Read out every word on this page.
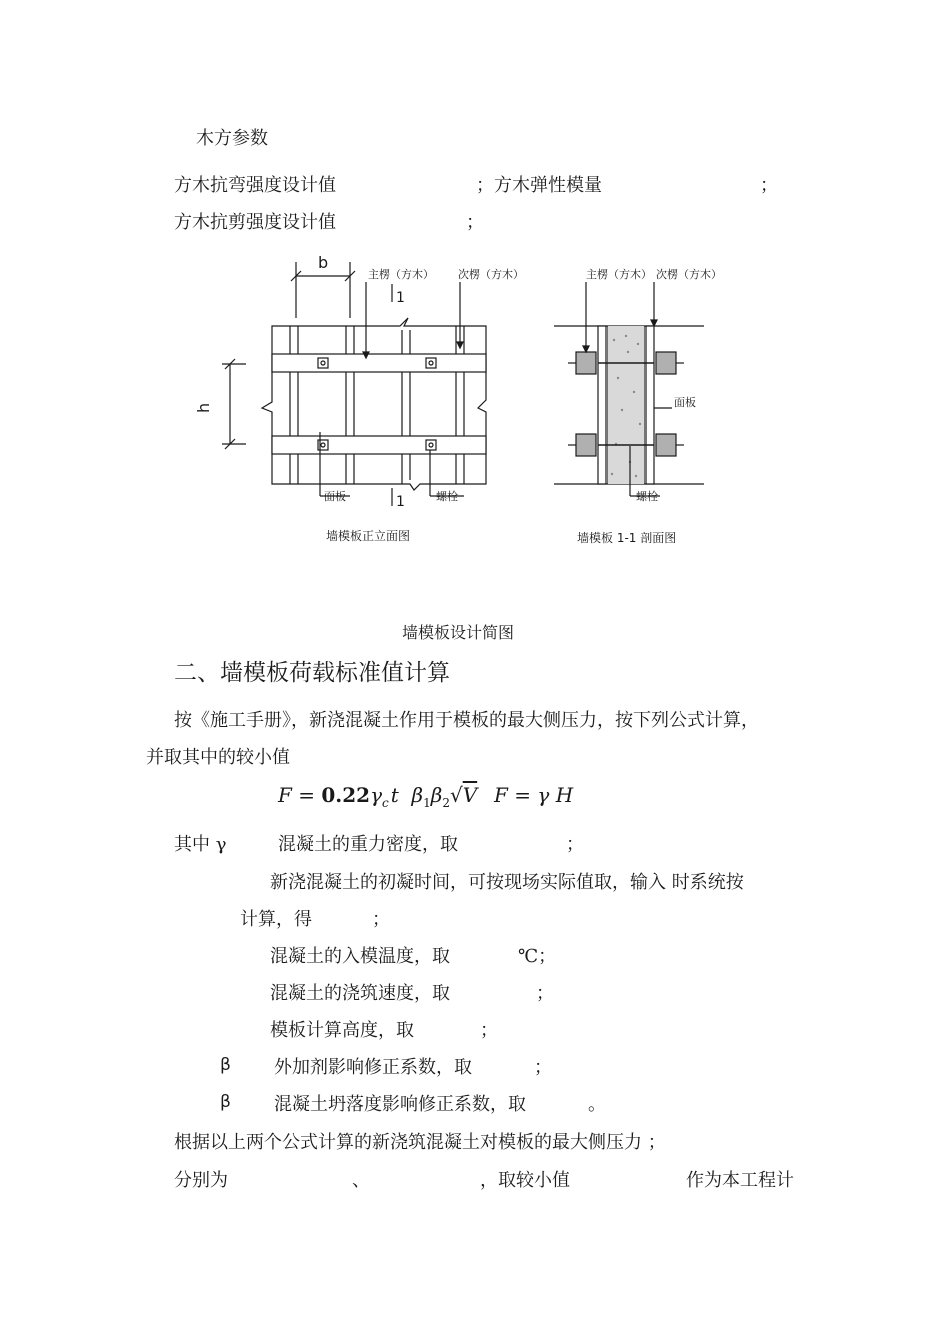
木方参数
方木抗弯强度设计值	；方木弹性模量	；
方木抗剪强度设计值	；
b
h
主楞（方木） 次楞（方木）
1
1
面板	螺栓
墙模板正立面图
主楞（方木） 次楞（方木）
面板
螺栓
墙模板 1-1 剖面图
墙模板设计简图
二、墙模板荷载标准值计算
按《施工手册》，新浇混凝土作用于模板的最大侧压力，按下列公式计算，
并取其中的较小值
$F = 0.22\gamma_c$ t $\beta_1\beta_2√V$ F = γ H
其中 γ	混凝土的重力密度，取	；
新浇混凝土的初凝时间，可按现场实际值取，输入 时系统按
计算，得	；
混凝土的入模温度，取	℃；
混凝土的浇筑速度，取	；
模板计算高度，取	；
β 外加剂影响修正系数，取	；
β 混凝土坍落度影响修正系数，取	。
根据以上两个公式计算的新浇筑混凝土对模板的最大侧压力 ；
分别为	、	，取较小值	作为本工程计
